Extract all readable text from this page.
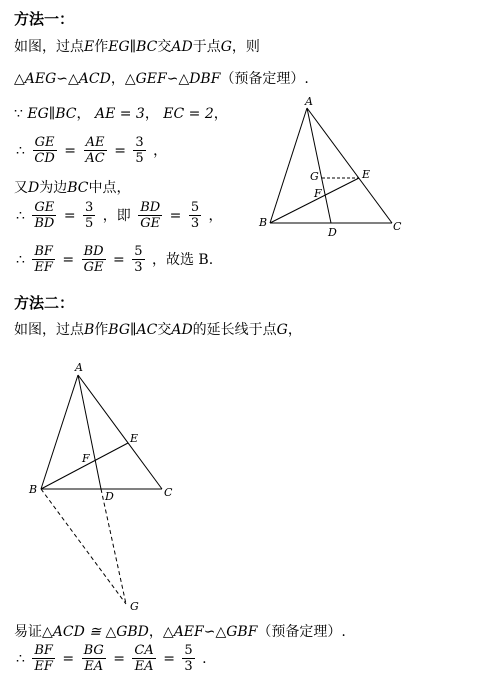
方法一：
如图，过点E作EG∥BC交AD于点G，则
△AEG∽△ACD，△GEF∽△DBF（预备定理）.
∵ EG∥BC， AE = 3， EC = 2，
∴ $\frac{GE}{CD} = \frac{AE}{AC} = \frac{3}{5}$ ，
又D为边BC中点，
∴ $\frac{GE}{BD} = \frac{3}{5}$ ，即 $\frac{BD}{GE} = \frac{5}{3}$ ，
∴ $\frac{BF}{EF} = \frac{BD}{GE} = \frac{5}{3}$ ，故选 B.
A
B	C
D
E
F
G
方法二：
如图，过点B作BG∥AC交AD的延长线于点G，
A
B	C
D
E
F
G
易证△ACD ≅ △GBD，△AEF∽△GBF（预备定理）.
∴ $\frac{BF}{EF} = \frac{BG}{EA} = \frac{CA}{EA} = \frac{5}{3}$ .
